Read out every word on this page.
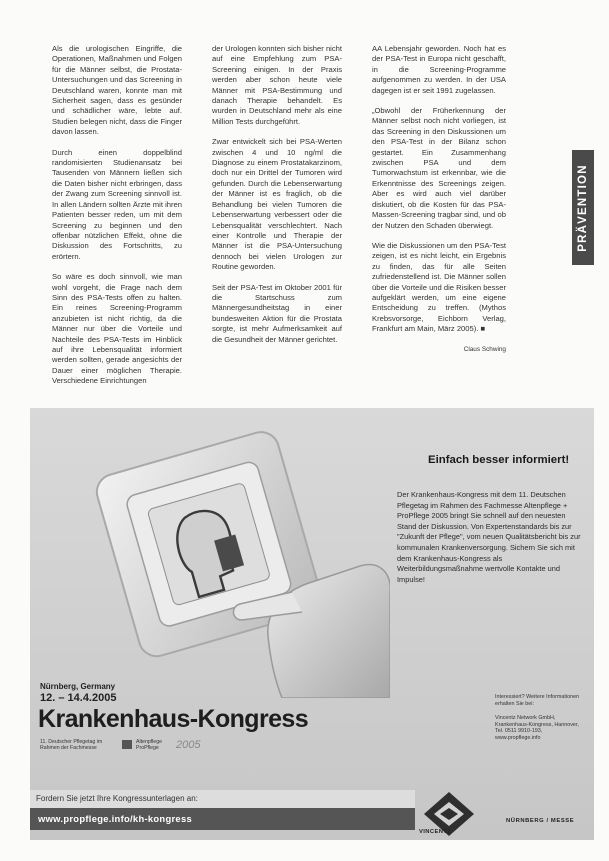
Als die urologischen Eingriffe, die Operationen, Maßnahmen und Folgen für die Männer selbst, die Prostata-Untersuchungen und das Screening in Deutschland waren, konnte man mit Sicherheit sagen, dass es gesünder und schädlicher wäre, lebte auf. Studien belegen nicht, dass die Finger davon lassen.

Durch einen doppelblind randomisierten Studienansatz bei Tausenden von Männern ließen sich die Daten bisher nicht erbringen, dass der Zwang zum Screening sinnvoll ist. In allen Ländern sollten Ärzte mit ihren Patienten besser reden, um mit dem Screening zu beginnen und den offenbar nützlichen Effekt, ohne die Diskussion des Fortschritts, zu erörtern.

So wäre es doch sinnvoll, wie man wohl vorgeht, die Frage nach dem Sinn des PSA-Tests offen zu halten. Ein reines Screening-Programm anzubieten ist nicht richtig, da die Männer nur über die Vorteile und Nachteile des PSA-Tests im Hinblick auf ihre Lebensqualität informiert werden sollten, gerade angesichts der Dauer einer möglichen Therapie. Verschiedene Einrichtungen

der Urologen konnten sich bisher nicht auf eine Empfehlung zum PSA-Screening einigen. In der Praxis werden aber schon heute viele Männer mit PSA-Bestimmung und danach Therapie behandelt. Es wurden in Deutschland mehr als eine Million Tests durchgeführt.

Zwar entwickelt sich bei PSA-Werten zwischen 4 und 10 ng/ml die Diagnose zu einem Prostatakarzinom, doch nur ein Drittel der Tumoren wird gefunden. Durch die Lebenserwartung der Männer ist es fraglich, ob die Behandlung bei vielen Tumoren die Lebenserwartung verbessert oder die Lebensqualität verschlechtert. Nach einer Kontrolle und Therapie der Männer ist die PSA-Untersuchung dennoch bei vielen Urologen zur Routine geworden.

Seit der PSA-Test im Oktober 2001 für die Startschuss zum Männergesundheitstag in einer bundesweiten Aktion für die Prostata sorgte, ist mehr Aufmerksamkeit auf die Gesundheit der Männer gerichtet.

AA Lebensjahr geworden. Noch hat es der PSA-Test in Europa nicht geschafft, in die Screening-Programme aufgenommen zu werden. In der USA dagegen ist er seit 1991 zugelassen.

„Obwohl der Früherkennung der Männer selbst noch nicht vorliegen, ist das Screening in den Diskussionen um den PSA-Test in der Bilanz schon gestartet. Ein Zusammenhang zwischen PSA und dem Tumorwachstum ist erkennbar, wie die Erkenntnisse des Screenings zeigen. Aber es wird auch viel darüber diskutiert, ob die Kosten für das PSA-Massen-Screening tragbar sind, und ob der Nutzen den Schaden überwiegt.

Wie die Diskussionen um den PSA-Test zeigen, ist es nicht leicht, ein Ergebnis zu finden, das für alle Seiten zufriedenstellend ist. Die Männer sollen über die Vorteile und die Risiken besser aufgeklärt werden, um eine eigene Entscheidung zu treffen. (Mythos Krebsvorsorge, Eichborn Verlag, Frankfurt am Main, März 2005). ■

Claus Schwing
PRÄVENTION
Einfach besser informiert!
Der Krankenhaus-Kongress mit dem 11. Deutschen Pflegetag im Rahmen des Fachmesse Altenpflege + ProPflege 2005 bringt Sie schnell auf den neuesten Stand der Diskussion. Von Expertenstandards bis zur "Zukunft der Pflege", vom neuen Qualitätsbericht bis zur kommunalen Krankenversorgung. Sichern Sie sich mit dem Krankenhaus-Kongress als Weiterbildungsmaßnahme wertvolle Kontakte und Impulse!
Nürnberg, Germany
12. – 14.4.2005
Krankenhaus-Kongress
11. Deutscher Pflegetag im Rahmen der Fachmesse
Altenpflege
ProPflege 2005

Interessiert? Weitere Informationen erhalten Sie bei:

Vincentz Network GmbH, Krankenhaus-Kongress, Hannover, Tel. 0511 9910-193, www.propflege.info

Fordern Sie jetzt Ihre Kongressunterlagen an:
www.propflege.info/kh-kongress
VINCENTZ
NÜRNBERG / MESSE
